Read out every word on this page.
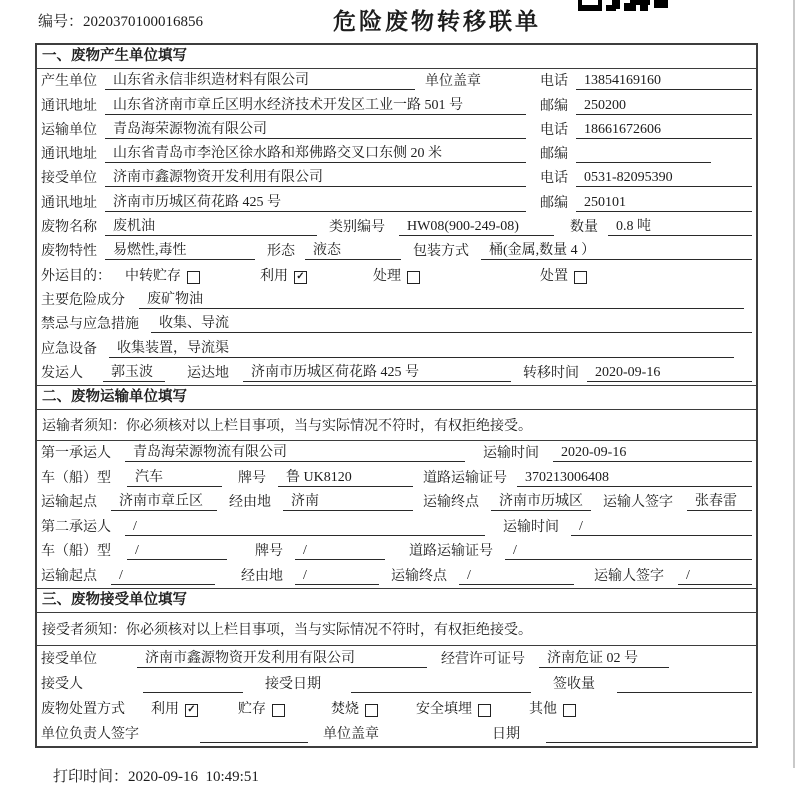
编号：2020370100016856	危险废物转移联单
一、废物产生单位填写
产生单位	山东省永信非织造材料有限公司	单位盖章	电话	13854169160
通讯地址	山东省济南市章丘区明水经济技术开发区工业一路 501 号	邮编	250200
运输单位	青岛海荣源物流有限公司	电话	18661672606
通讯地址	山东省青岛市李沧区徐水路和郑佛路交叉口东侧 20 米	邮编
接受单位	济南市鑫源物资开发利用有限公司	电话	0531-82095390
通讯地址	济南市历城区荷花路 425 号	邮编	250101
废物名称	废机油	类别编号	HW08(900-249-08)	数量	0.8 吨
废物特性	易燃性,毒性	形态	液态	包装方式	桶(金属,数量 4 ）
外运目的： 中转贮存	利用 ✓	处理	处置
主要危险成分	废矿物油
禁忌与应急措施	收集、导流
应急设备	收集装置，导流渠
发运人	郭玉波	运达地	济南市历城区荷花路 425 号	转移时间	2020-09-16
二、废物运输单位填写
运输者须知：你必须核对以上栏目事项，当与实际情况不符时，有权拒绝接受。
第一承运人	青岛海荣源物流有限公司	运输时间	2020-09-16
车（船）型	汽车	牌号	鲁 UK8120	道路运输证号	370213006408
运输起点	济南市章丘区	经由地	济南	运输终点	济南市历城区	运输人签字	张春雷
第二承运人	/	运输时间	/
车（船）型	/	牌号	/	道路运输证号	/
运输起点	/	经由地	/	运输终点	/	运输人签字	/
三、废物接受单位填写
接受者须知：你必须核对以上栏目事项，当与实际情况不符时，有权拒绝接受。
接受单位	济南市鑫源物资开发利用有限公司	经营许可证号	济南危证 02 号
接受人	接受日期	签收量
废物处置方式 利用 ✓	贮存	焚烧	安全填埋	其他
单位负责人签字	单位盖章	日期

打印时间：2020-09-16  10:49:51
